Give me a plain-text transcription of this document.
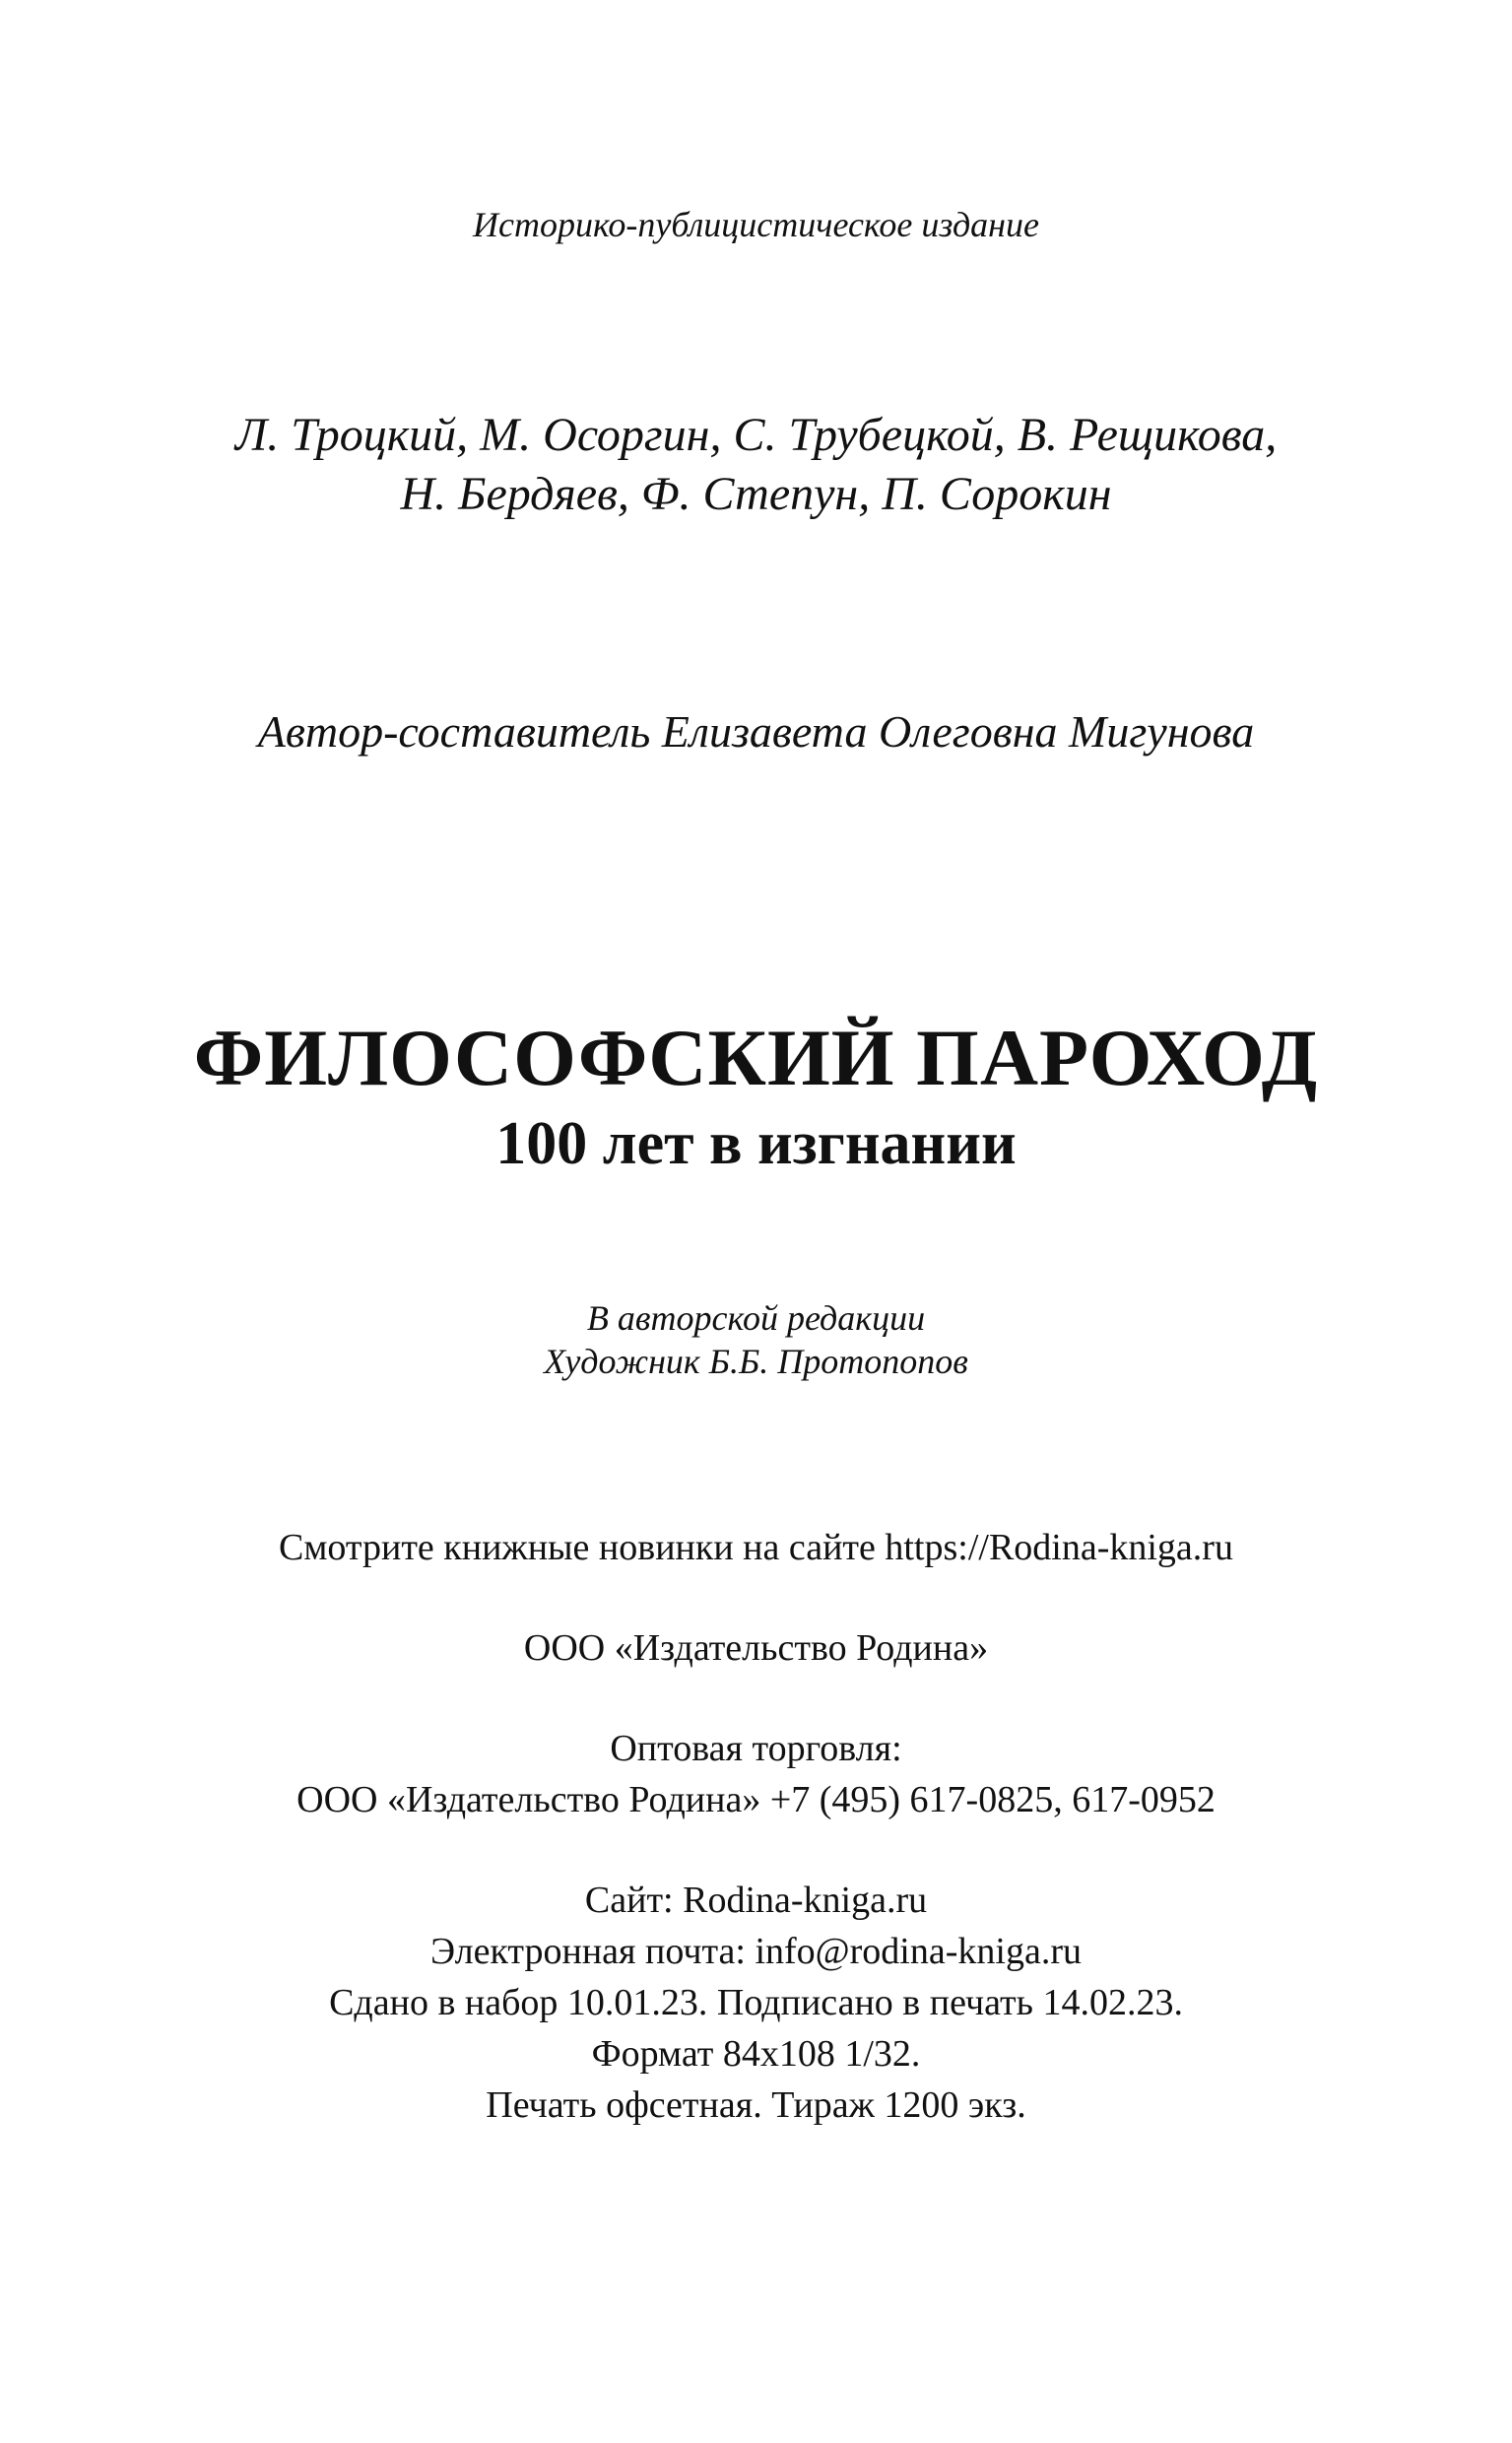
Историко-публицистическое издание
Л. Троцкий, М. Осоргин, С. Трубецкой, В. Рещикова,
Н. Бердяев, Ф. Степун, П. Сорокин
Автор-составитель Елизавета Олеговна Мигунова
ФИЛОСОФСКИЙ ПАРОХОД
100 лет в изгнании
В авторской редакции
Художник Б.Б. Протопопов
Смотрите книжные новинки на сайте https://Rodina-kniga.ru
ООО «Издательство Родина»
Оптовая торговля:
ООО «Издательство Родина» +7 (495) 617-0825, 617-0952
Сайт: Rodina-kniga.ru
Электронная почта: info@rodina-kniga.ru
Сдано в набор 10.01.23. Подписано в печать 14.02.23.
Формат 84x108 1/32.
Печать офсетная. Тираж 1200 экз.
